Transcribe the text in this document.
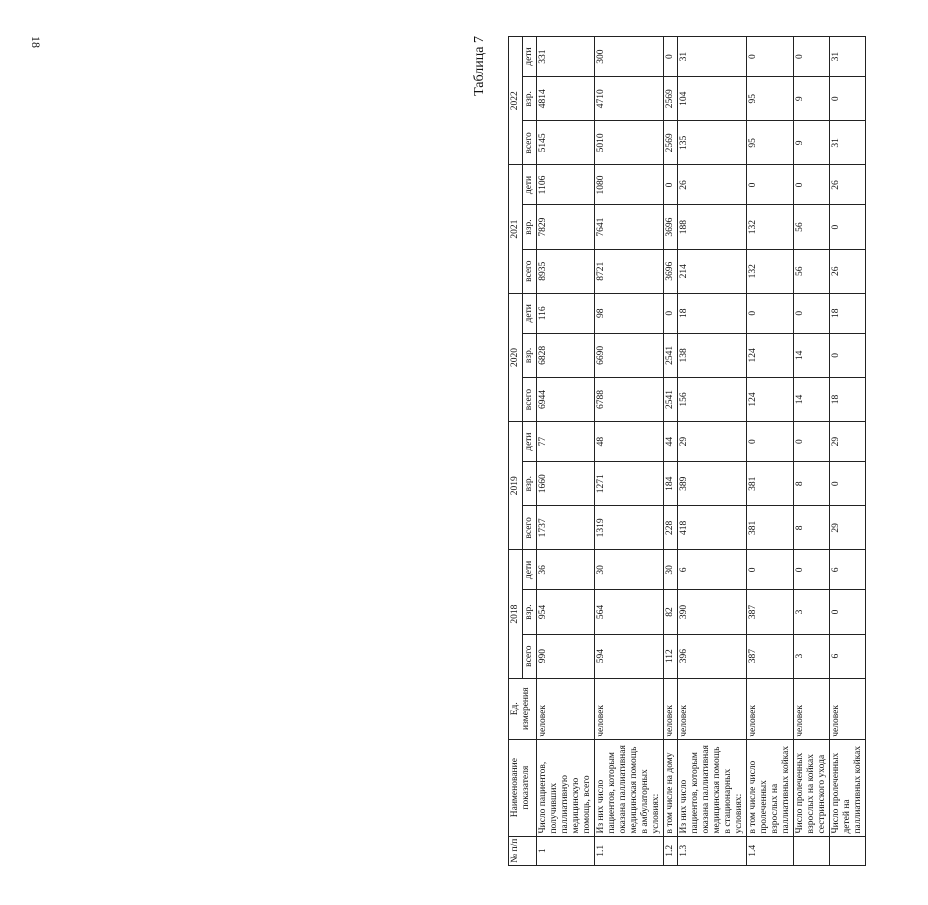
18	Таблица 7
№ п/п	Наименование показателя	Ед. измерения	2018			2019			2020			2021			2022		
			всего	взр.	дети	всего	взр.	дети	всего	взр.	дети	всего	взр.	дети	всего	взр.	дети
1	Число пациентов, получивших паллиативную медицинскую помощь, всего	человек	990	954	36	1737	1660	77	6944	6828	116	8935	7829	1106	5145	4814	331
1.1	Из них число пациентов, которым оказана паллиативная медицинская помощь в амбулаторных условиях:	человек	594	564	30	1319	1271	48	6788	6690	98	8721	7641	1080	5010	4710	300
1.2	в том числе на дому	человек	112	82	30	228	184	44	2541	2541	0	3696	3696	0	2569	2569	0
1.3	Из них число пациентов, которым оказана паллиативная медицинская помощь в стационарных условиях:	человек	396	390	6	418	389	29	156	138	18	214	188	26	135	104	31
1.4	в том числе число пролеченных взрослых на паллиативных койках	человек	387	387	0	381	381	0	124	124	0	132	132	0	95	95	0
	Число пролеченных взрослых на койках сестринского ухода	человек	3	3	0	8	8	0	14	14	0	56	56	0	9	9	0
	Число пролеченных детей на паллиативных койках	человек	6	0	6	29	0	29	18	0	18	26	0	26	31	0	31
